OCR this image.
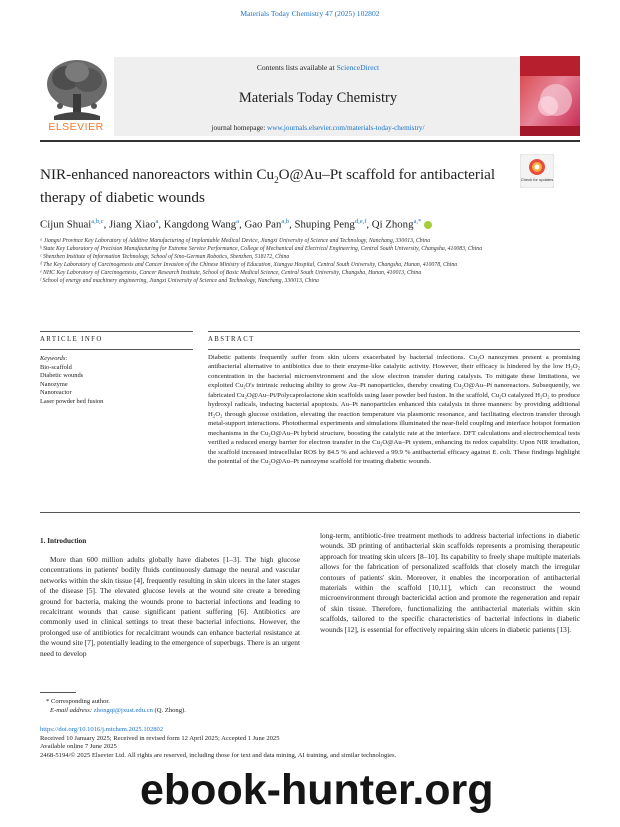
Materials Today Chemistry 47 (2025) 102802
ELSEVIER
Contents lists available at ScienceDirect
Materials Today Chemistry
journal homepage: www.journals.elsevier.com/materials-today-chemistry/
Check for updates
NIR-enhanced nanoreactors within $Cu_2O@Au-Pt$ scaffold for antibacterial therapy of diabetic wounds
Cijun Shuai$^{a,b,c}$, Jiang Xiao$^a$, Kangdong Wang$^a$, Gao Pan$^{a,b}$, Shuping Peng$^{d,e,f}$, Qi Zhong$^{a,*}$
ᵃ Jiangxi Province Key Laboratory of Additive Manufacturing of Implantable Medical Device, Jiangxi University of Science and Technology, Nanchang, 330013, China
ᵇ State Key Laboratory of Precision Manufacturing for Extreme Service Performance, College of Mechanical and Electrical Engineering, Central South University, Changsha, 410083, China
ᶜ Shenzhen Institute of Information Technology, School of Sino-German Robotics, Shenzhen, 518172, China
ᵈ The Key Laboratory of Carcinogenesis and Cancer Invasion of the Chinese Ministry of Education, Xiangya Hospital, Central South University, Changsha, Hunan, 410078, China
ᵉ NHC Key Laboratory of Carcinogenesis, Cancer Research Institute, School of Basic Medical Science, Central South University, Changsha, Hunan, 410013, China
ᶠ School of energy and machinery engineering, Jiangxi University of Science and Technology, Nanchang, 330013, China
ARTICLE INFO	ABSTRACT
Keywords:
Bio-scaffold
Diabetic wounds
Nanozyme
Nanoreactor
Laser powder bed fusion
Diabetic patients frequently suffer from skin ulcers exacerbated by bacterial infections. Cu₂O nanozymes present a promising antibacterial alternative to antibiotics due to their enzyme-like catalytic activity. However, their efficacy is hindered by the low H₂O₂ concentration in the bacterial microenvironment and the slow electron transfer during catalysis. To mitigate these limitations, we exploited Cu₂O's intrinsic reducing ability to grow Au–Pt nanoparticles, thereby creating Cu₂O@Au–Pt nanoreactors. Subsequently, we fabricated Cu₂O@Au–Pt/Polycaprolactone skin scaffolds using laser powder bed fusion. In the scaffold, Cu₂O catalyzed H₂O₂ to produce hydroxyl radicals, inducing bacterial apoptosis. Au–Pt nanoparticles enhanced this catalysis in three manners: by providing additional H₂O₂ through glucose oxidation, elevating the reaction temperature via plasmonic resonance, and facilitating electron transfer through metal-support interactions. Photothermal experiments and simulations illuminated the near-field coupling and interface hotspot formation mechanisms in the Cu₂O@Au–Pt hybrid structure, boosting the catalytic rate at the interface. DFT calculations and electrochemical tests verified a reduced energy barrier for electron transfer in the Cu₂O@Au–Pt system, enhancing its redox capability. Upon NIR irradiation, the scaffold increased intracellular ROS by 84.5 % and achieved a 99.9 % antibacterial efficacy against E. coli. These findings highlight the potential of the Cu₂O@Au–Pt nanozyme scaffold for treating diabetic wounds.
1. Introduction
More than 600 million adults globally have diabetes [1–3]. The high glucose concentrations in patients' bodily fluids continuously damage the neural and vascular networks within the skin tissue [4], frequently resulting in skin ulcers in the later stages of the disease [5]. The elevated glucose levels at the wound site create a breeding ground for bacteria, making the wounds prone to bacterial infections and leading to recalcitrant wounds that cause significant patient suffering [6]. Antibiotics are commonly used in clinical settings to treat these bacterial infections. However, the prolonged use of antibiotics for recalcitrant wounds can enhance bacterial resistance at the wound site [7], potentially leading to the emergence of superbugs. There is an urgent need to develop
long-term, antibiotic-free treatment methods to address bacterial infections in diabetic wounds. 3D printing of antibacterial skin scaffolds represents a promising therapeutic approach for treating skin ulcers [8–10]. Its capability to freely shape multiple materials allows for the fabrication of personalized scaffolds that closely match the irregular contours of patients' skin. Moreover, it enables the incorporation of antibacterial materials within the scaffold [10,11], which can reconstruct the wound microenvironment through bactericidal action and promote the regeneration and repair of skin tissue. Therefore, functionalizing the antibacterial materials within skin scaffolds, tailored to the specific characteristics of bacterial infections in diabetic wounds [12], is essential for effectively repairing skin ulcers in diabetic patients [13].
* Corresponding author.
E-mail address: zhongqi@jxust.edu.cn (Q. Zhong).
https://doi.org/10.1016/j.mtchem.2025.102802
Received 10 January 2025; Received in revised form 12 April 2025; Accepted 1 June 2025
Available online 7 June 2025
2468-5194/© 2025 Elsevier Ltd. All rights are reserved, including those for text and data mining, AI training, and similar technologies.
ebook-hunter.org
